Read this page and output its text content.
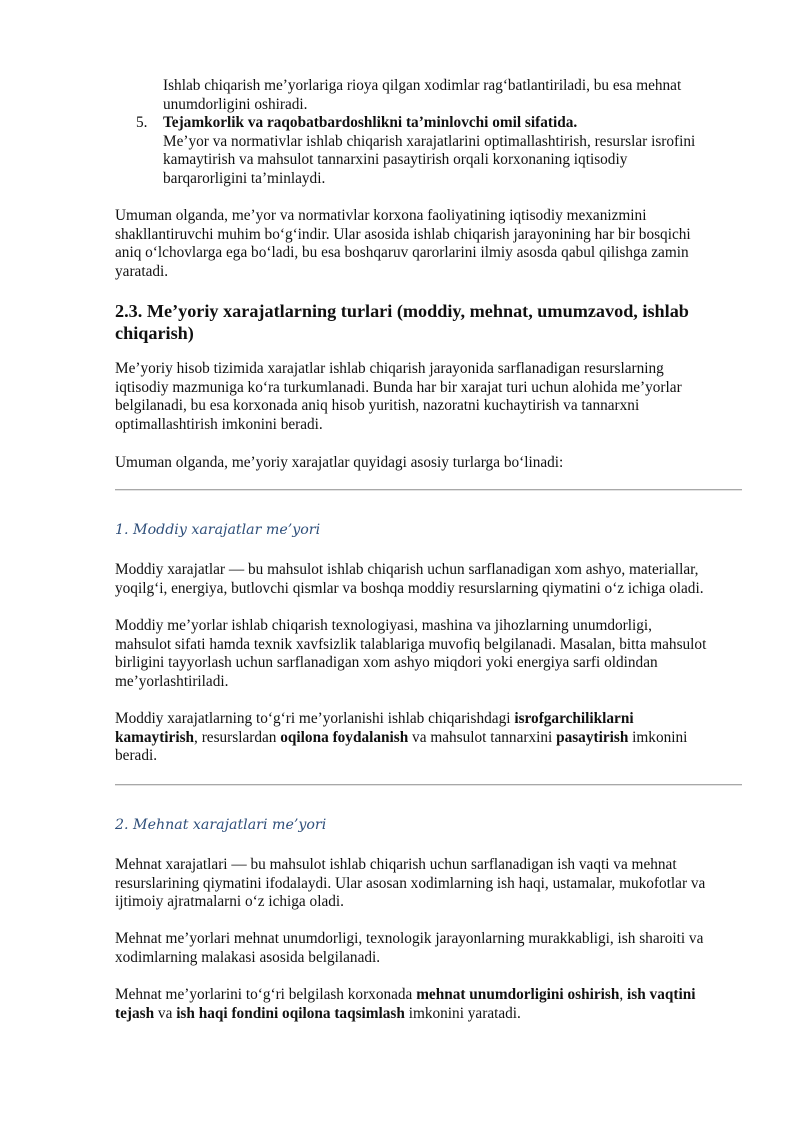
Ishlab chiqarish me’yorlariga rioya qilgan xodimlar rag‘batlantiriladi, bu esa mehnat
unumdorligini oshiradi.
5. Tejamkorlik va raqobatbardoshlikni ta’minlovchi omil sifatida.
Me’yor va normativlar ishlab chiqarish xarajatlarini optimallashtirish, resurslar isrofini
kamaytirish va mahsulot tannarxini pasaytirish orqali korxonaning iqtisodiy
barqarorligini ta’minlaydi.
Umuman olganda, me’yor va normativlar korxona faoliyatining iqtisodiy mexanizmini
shakllantiruvchi muhim bo‘g‘indir. Ular asosida ishlab chiqarish jarayonining har bir bosqichi
aniq o‘lchovlarga ega bo‘ladi, bu esa boshqaruv qarorlarini ilmiy asosda qabul qilishga zamin
yaratadi.
2.3. Me’yoriy xarajatlarning turlari (moddiy, mehnat, umumzavod, ishlab
chiqarish)
Me’yoriy hisob tizimida xarajatlar ishlab chiqarish jarayonida sarflanadigan resurslarning
iqtisodiy mazmuniga ko‘ra turkumlanadi. Bunda har bir xarajat turi uchun alohida me’yorlar
belgilanadi, bu esa korxonada aniq hisob yuritish, nazoratni kuchaytirish va tannarxni
optimallashtirish imkonini beradi.
Umuman olganda, me’yoriy xarajatlar quyidagi asosiy turlarga bo‘linadi:
1. Moddiy xarajatlar me’yori
Moddiy xarajatlar — bu mahsulot ishlab chiqarish uchun sarflanadigan xom ashyo, materiallar,
yoqilg‘i, energiya, butlovchi qismlar va boshqa moddiy resurslarning qiymatini o‘z ichiga oladi.
Moddiy me’yorlar ishlab chiqarish texnologiyasi, mashina va jihozlarning unumdorligi,
mahsulot sifati hamda texnik xavfsizlik talablariga muvofiq belgilanadi. Masalan, bitta mahsulot
birligini tayyorlash uchun sarflanadigan xom ashyo miqdori yoki energiya sarfi oldindan
me’yorlashtiriladi.
Moddiy xarajatlarning to‘g‘ri me’yorlanishi ishlab chiqarishdagi isrofgarchiliklarni
kamaytirish, resurslardan oqilona foydalanish va mahsulot tannarxini pasaytirish imkonini
beradi.
2. Mehnat xarajatlari me’yori
Mehnat xarajatlari — bu mahsulot ishlab chiqarish uchun sarflanadigan ish vaqti va mehnat
resurslarining qiymatini ifodalaydi. Ular asosan xodimlarning ish haqi, ustamalar, mukofotlar va
ijtimoiy ajratmalarni o‘z ichiga oladi.
Mehnat me’yorlari mehnat unumdorligi, texnologik jarayonlarning murakkabligi, ish sharoiti va
xodimlarning malakasi asosida belgilanadi.
Mehnat me’yorlarini to‘g‘ri belgilash korxonada mehnat unumdorligini oshirish, ish vaqtini
tejash va ish haqi fondini oqilona taqsimlash imkonini yaratadi.
